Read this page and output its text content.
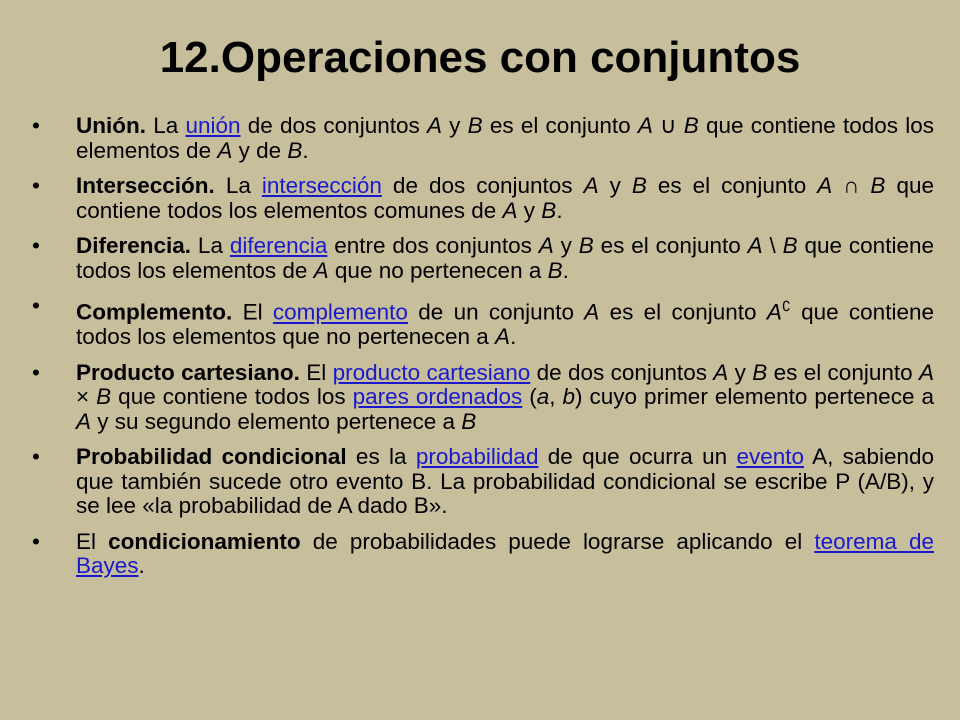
12.Operaciones con conjuntos
•	Unión. La unión de dos conjuntos A y B es el conjunto A ∪ B que contiene todos los elementos de A y de B.
•	Intersección. La intersección de dos conjuntos A y B es el conjunto A ∩ B que contiene todos los elementos comunes de A y B.
•	Diferencia. La diferencia entre dos conjuntos A y B es el conjunto A \ B que contiene todos los elementos de A que no pertenecen a B.
•	Complemento. El complemento de un conjunto A es el conjunto A∁ que contiene todos los elementos que no pertenecen a A.
•	Producto cartesiano. El producto cartesiano de dos conjuntos A y B es el conjunto A × B que contiene todos los pares ordenados (a, b) cuyo primer elemento pertenece a A y su segundo elemento pertenece a B
•	Probabilidad condicional es la probabilidad de que ocurra un evento A, sabiendo que también sucede otro evento B. La probabilidad condicional se escribe P (A/B), y se lee «la probabilidad de A dado B».
•	El condicionamiento de probabilidades puede lograrse aplicando el teorema de Bayes.
